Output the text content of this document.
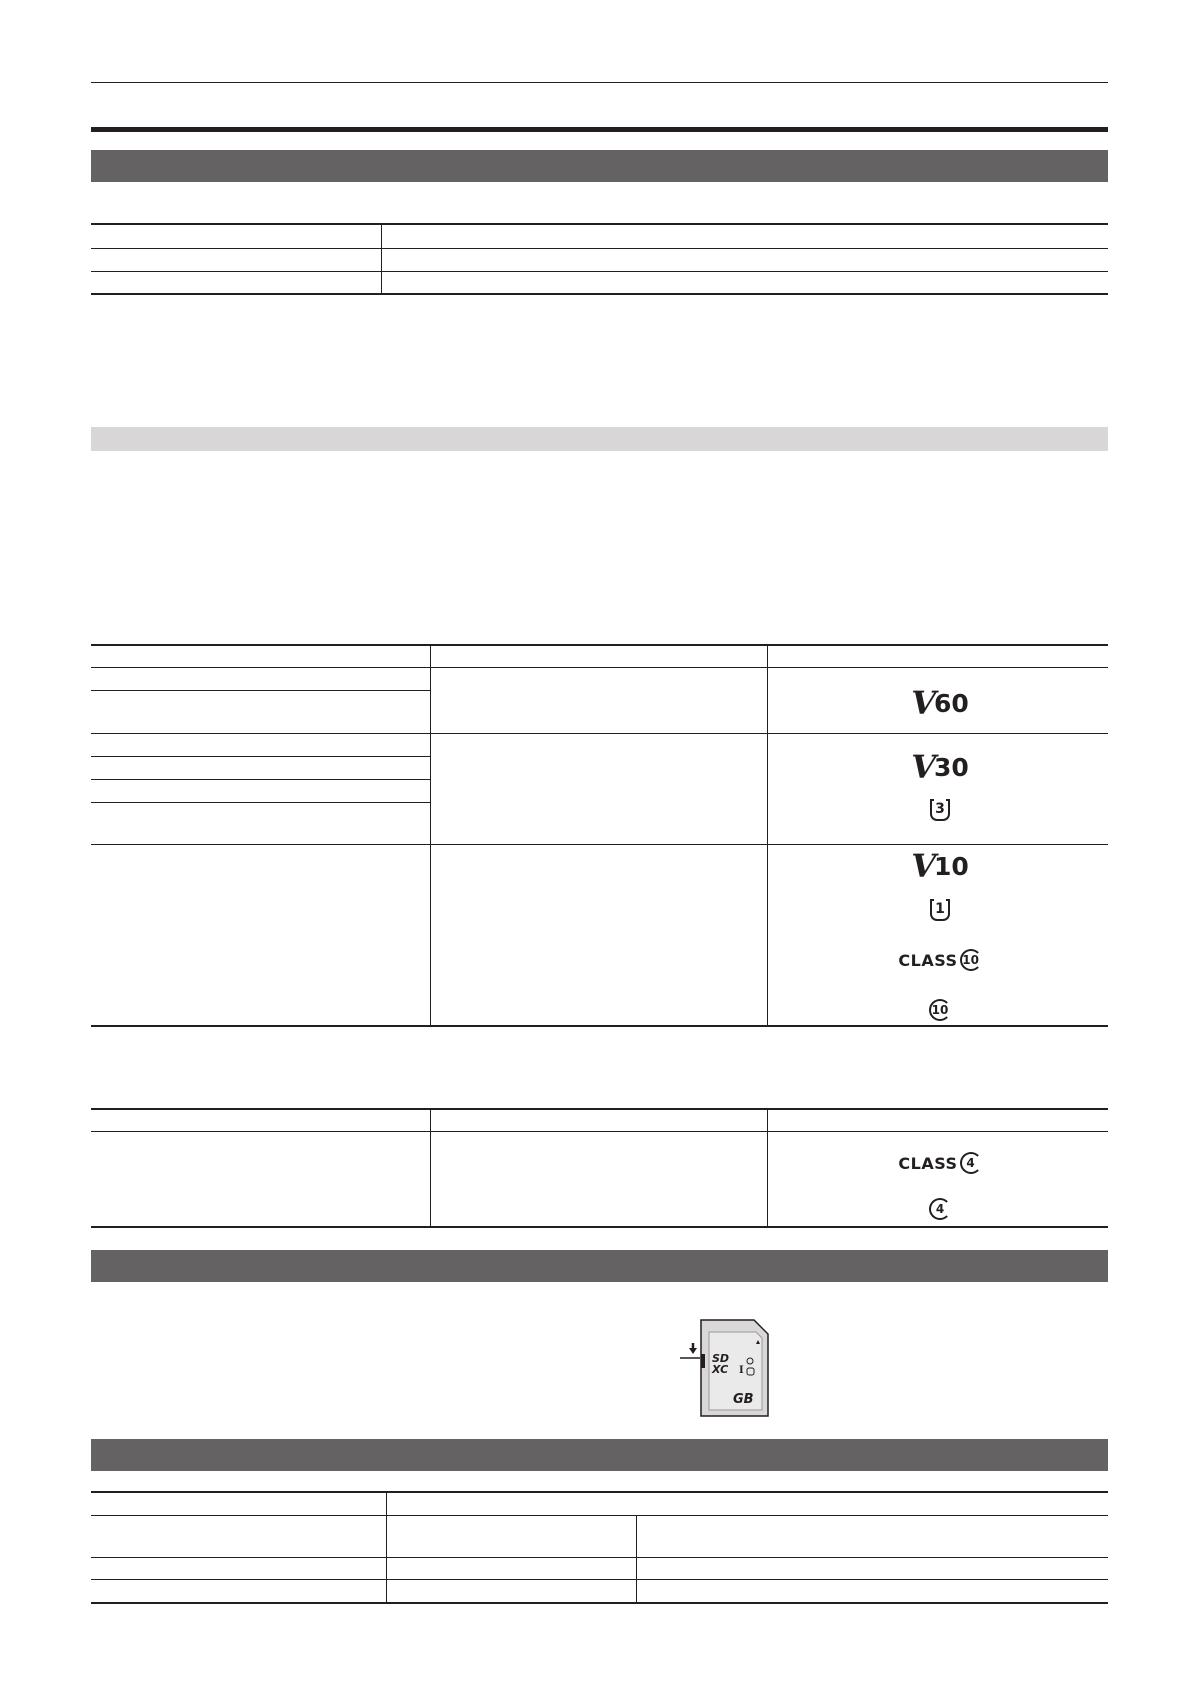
V 60
V 30
3
V 10
1
CLASS 10
10
CLASS 4
4
SD
XC I
GB
